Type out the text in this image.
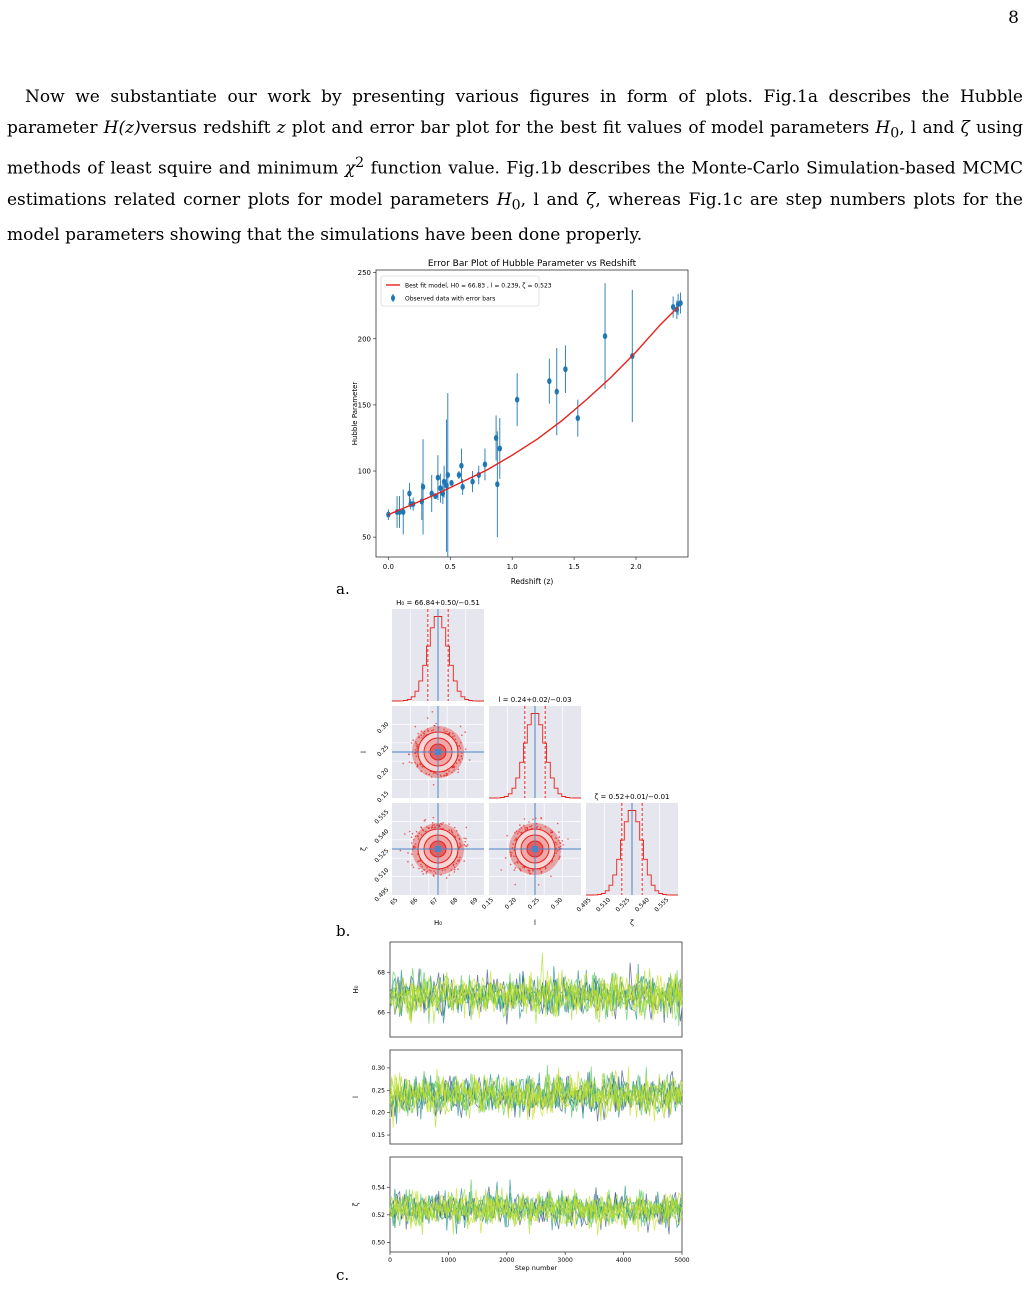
8

Now we substantiate our work by presenting various figures in form of plots. Fig.1a describes the Hubble parameter H(z)versus redshift z plot and error bar plot for the best fit values of model parameters $H_0$, l and ζ using methods of least squire and minimum $\chi^2$ function value. Fig.1b describes the Monte-Carlo Simulation-based MCMC estimations related corner plots for model parameters $H_0$, l and ζ, whereas Fig.1c are step numbers plots for the model parameters showing that the simulations have been done properly.

Error Bar Plot of Hubble Parameter vs Redshift
0.0	0.5	1.0	1.5	2.0
50
100
150
200
250
Redshift (z)
Hubble Parameter
Best fit model, H0 = 66.83 , l = 0.239, ζ = 0.523
Observed data with error bars
a.
H₀ = 66.84+0.50/−0.51
l = 0.24+0.02/−0.03
ζ = 0.52+0.01/−0.01
65 66 67 68 69
H₀
0.15 0.20 0.25 0.30
l
0.495 0.510 0.525 0.540 0.555
ζ
0.15
0.20
0.25
0.30
l
0.495
0.510
0.525
0.540
0.555
ζ
b.
66
68
H₀
0.15
0.20
0.25
0.30
l
0.50
0.52
0.54
ζ
0	1000	2000	3000	4000	5000
Step number
c.
